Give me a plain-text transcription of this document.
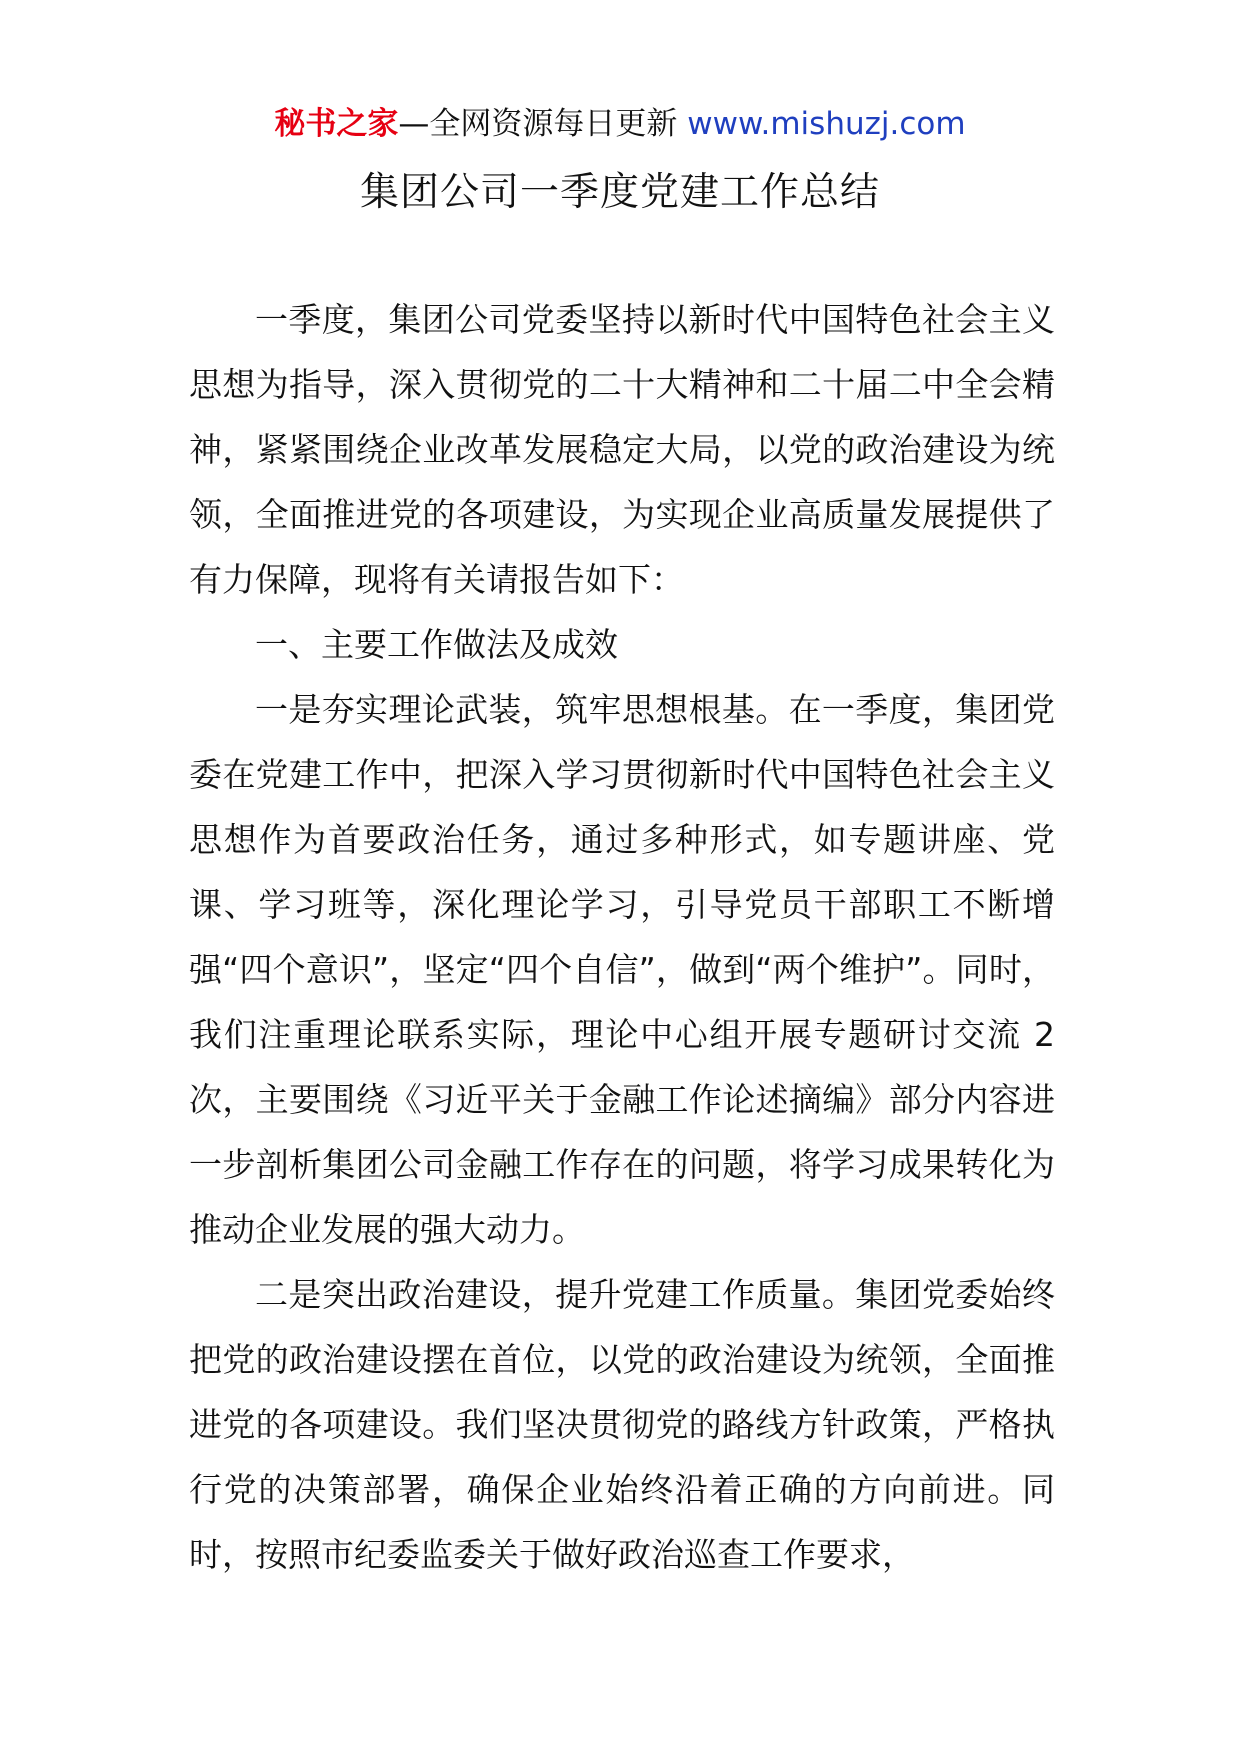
秘书之家—全网资源每日更新 www.mishuzj.com
集团公司一季度党建工作总结

一季度，集团公司党委坚持以新时代中国特色社会主义思想为指导，深入贯彻党的二十大精神和二十届二中全会精神，紧紧围绕企业改革发展稳定大局，以党的政治建设为统领，全面推进党的各项建设，为实现企业高质量发展提供了有力保障，现将有关请报告如下：

一、主要工作做法及成效

一是夯实理论武装，筑牢思想根基。在一季度，集团党委在党建工作中，把深入学习贯彻新时代中国特色社会主义思想作为首要政治任务，通过多种形式，如专题讲座、党课、学习班等，深化理论学习，引导党员干部职工不断增强“四个意识”，坚定“四个自信”，做到“两个维护”。同时，我们注重理论联系实际，理论中心组开展专题研讨交流 2 次，主要围绕《习近平关于金融工作论述摘编》部分内容进一步剖析集团公司金融工作存在的问题，将学习成果转化为推动企业发展的强大动力。

二是突出政治建设，提升党建工作质量。集团党委始终把党的政治建设摆在首位，以党的政治建设为统领，全面推进党的各项建设。我们坚决贯彻党的路线方针政策，严格执行党的决策部署，确保企业始终沿着正确的方向前进。同时，按照市纪委监委关于做好政治巡查工作要求，
